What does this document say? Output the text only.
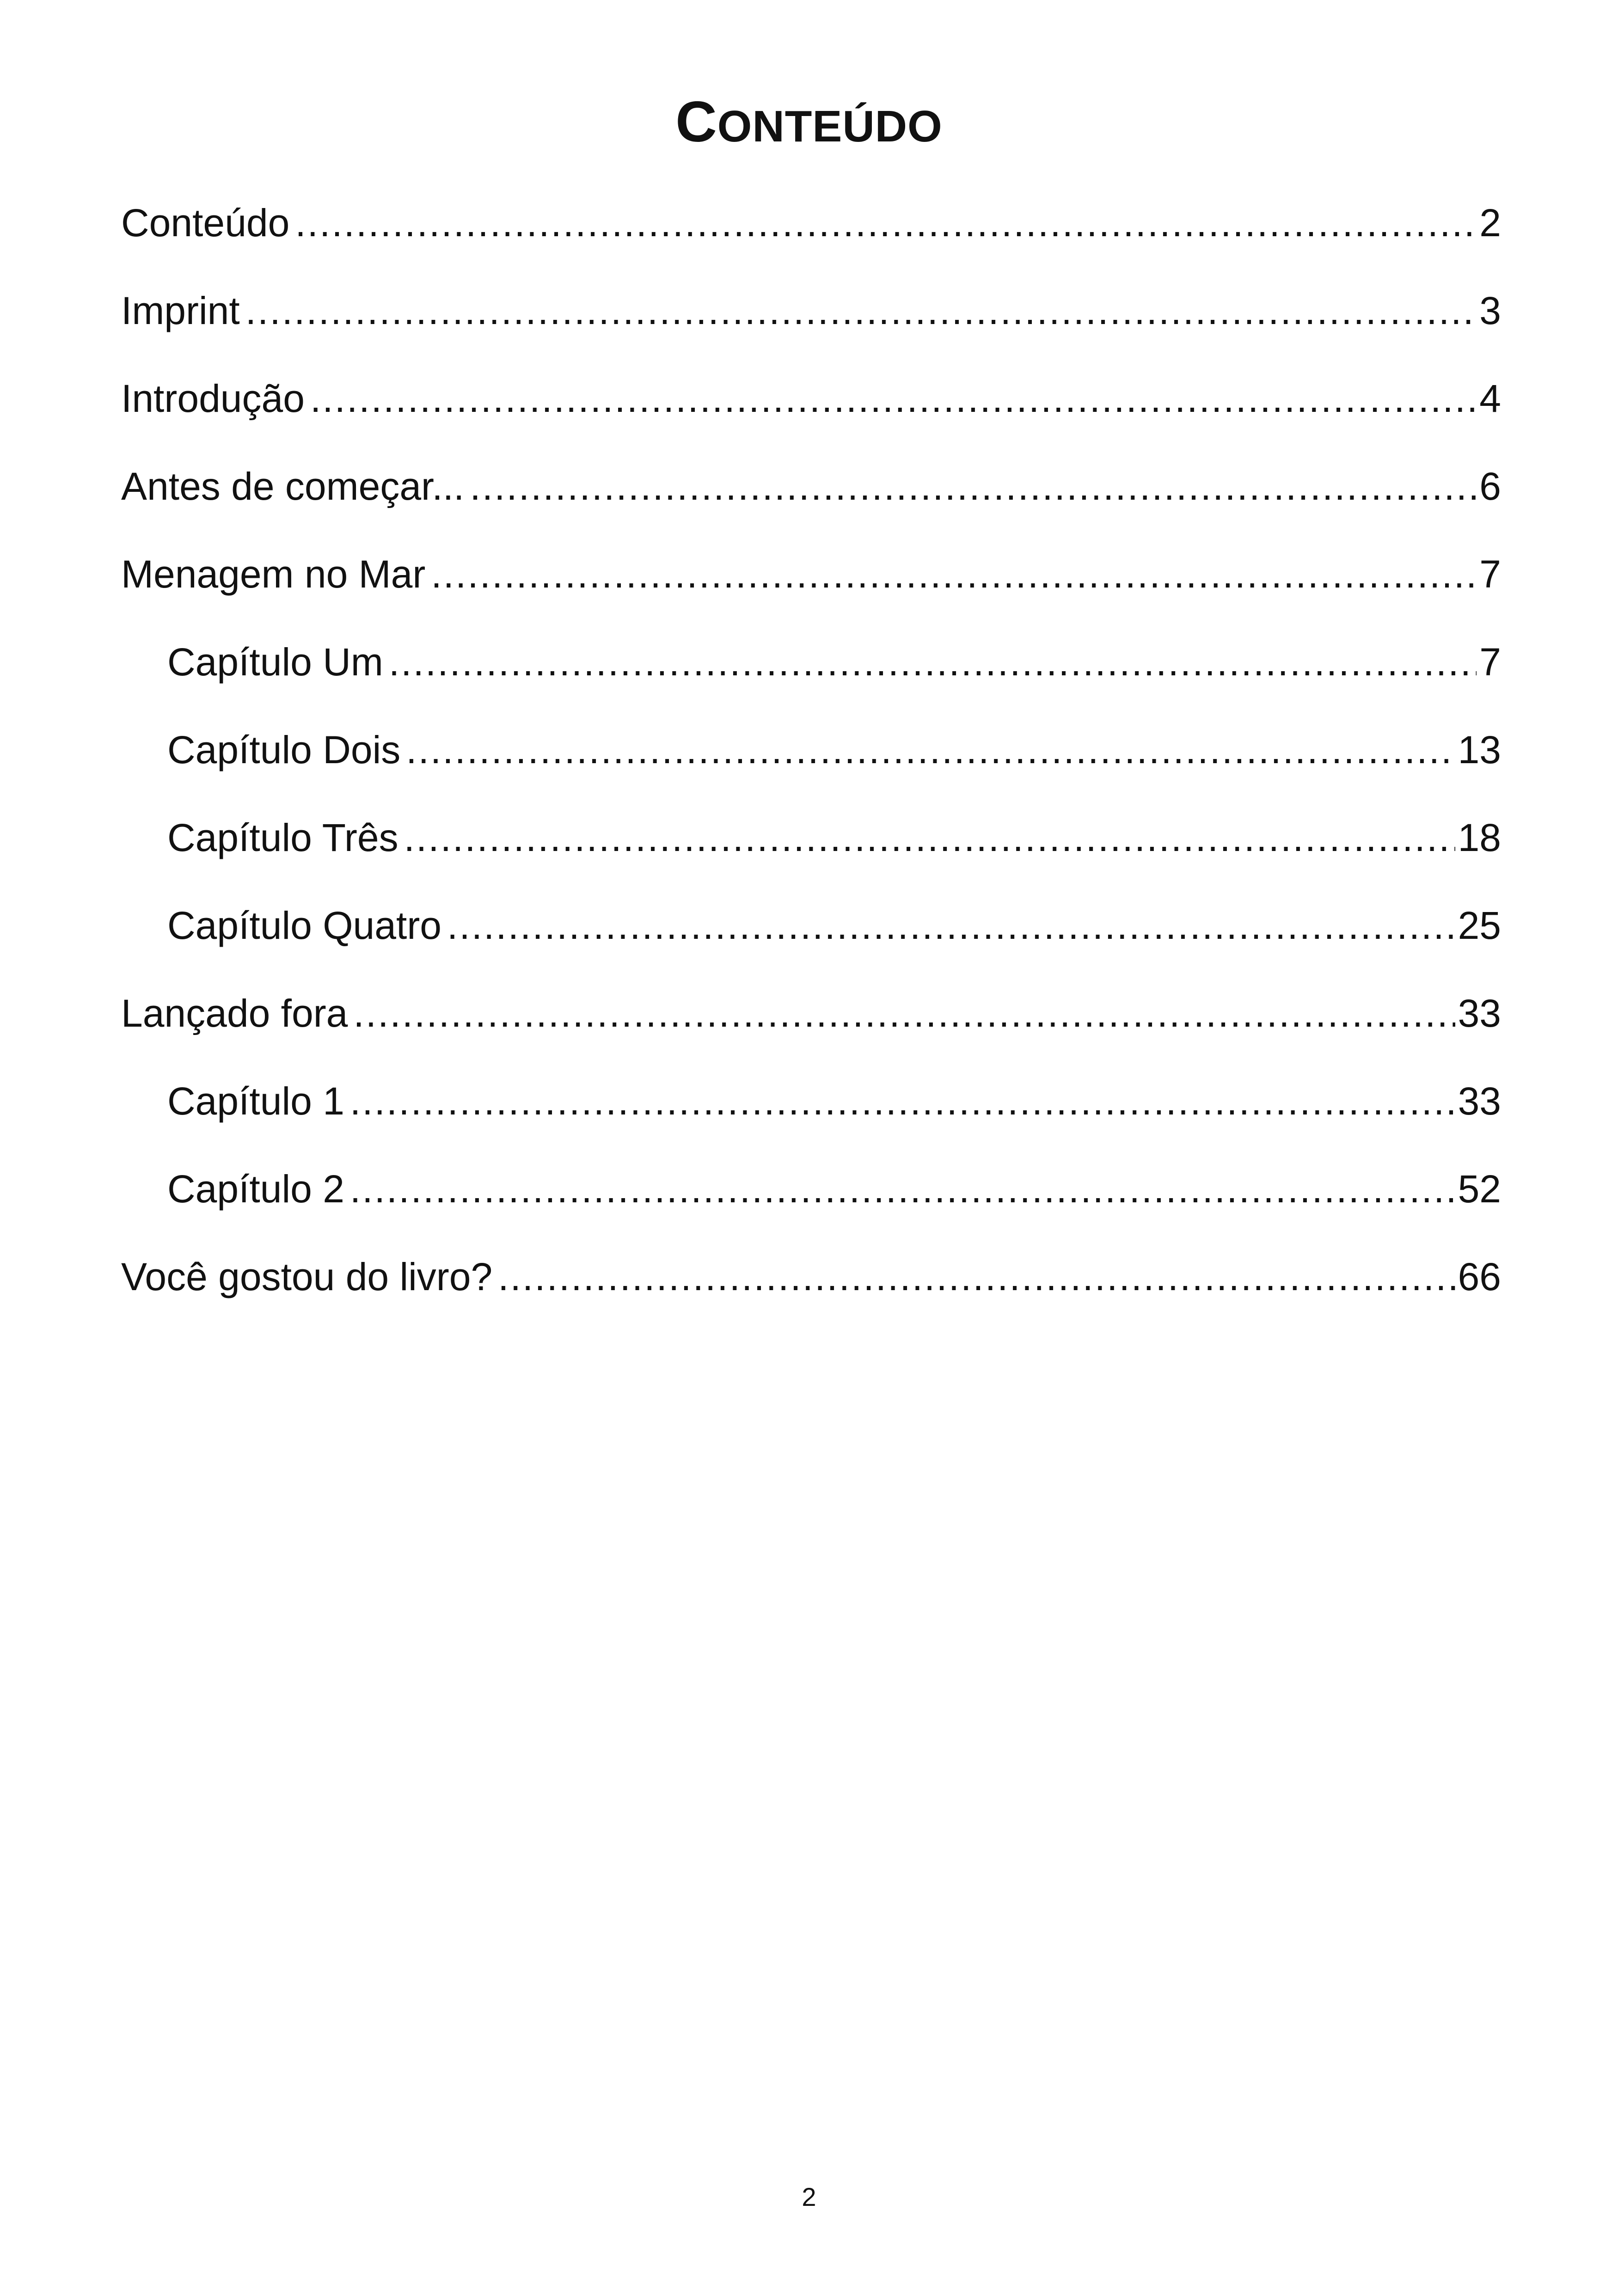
CONTEÚDO
Conteúdo .....	2
Imprint .....	3
Introdução .....	4
Antes de começar... .....	6
Menagem no Mar .....	7
Capítulo Um .....	7
Capítulo Dois .....	13
Capítulo Três .....	18
Capítulo Quatro .....	25
Lançado fora .....	33
Capítulo 1 .....	33
Capítulo 2 .....	52
Você gostou do livro? .....	66
2
